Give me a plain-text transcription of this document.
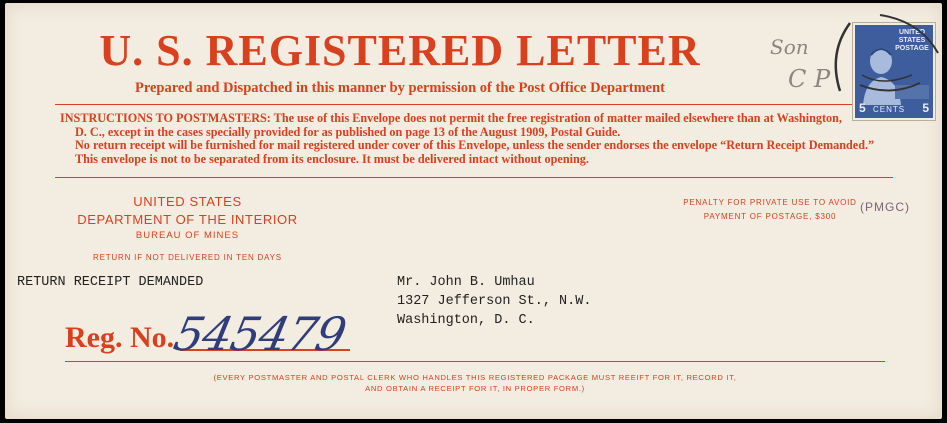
U. S. REGISTERED LETTER
Prepared and Dispatched in this manner by permission of the Post Office Department
INSTRUCTIONS TO POSTMASTERS: The use of this Envelope does not permit the free registration of matter mailed elsewhere than at Washington,
D. C., except in the cases specially provided for as published on page 13 of the August 1909, Postal Guide.
No return receipt will be furnished for mail registered under cover of this Envelope, unless the sender endorses the envelope “Return Receipt Demanded.”
This envelope is not to be separated from its enclosure. It must be delivered intact without opening.
UNITED STATES
DEPARTMENT OF THE INTERIOR
BUREAU OF MINES
RETURN IF NOT DELIVERED IN TEN DAYS
PENALTY FOR PRIVATE USE TO AVOID
PAYMENT OF POSTAGE, $300
(PMGC)
RETURN RECEIPT DEMANDED	Mr. John B. Umhau
1327 Jefferson St., N.W.
Washington, D. C.
Reg. No.
545479
(EVERY POSTMASTER AND POSTAL CLERK WHO HANDLES THIS REGISTERED PACKAGE MUST REEIFT FOR IT, RECORD IT,
AND OBTAIN A RECEIPT FOR IT, IN PROPER FORM.)
Son
C P
UNITED STATES POSTAGE
5 CENTS 5
